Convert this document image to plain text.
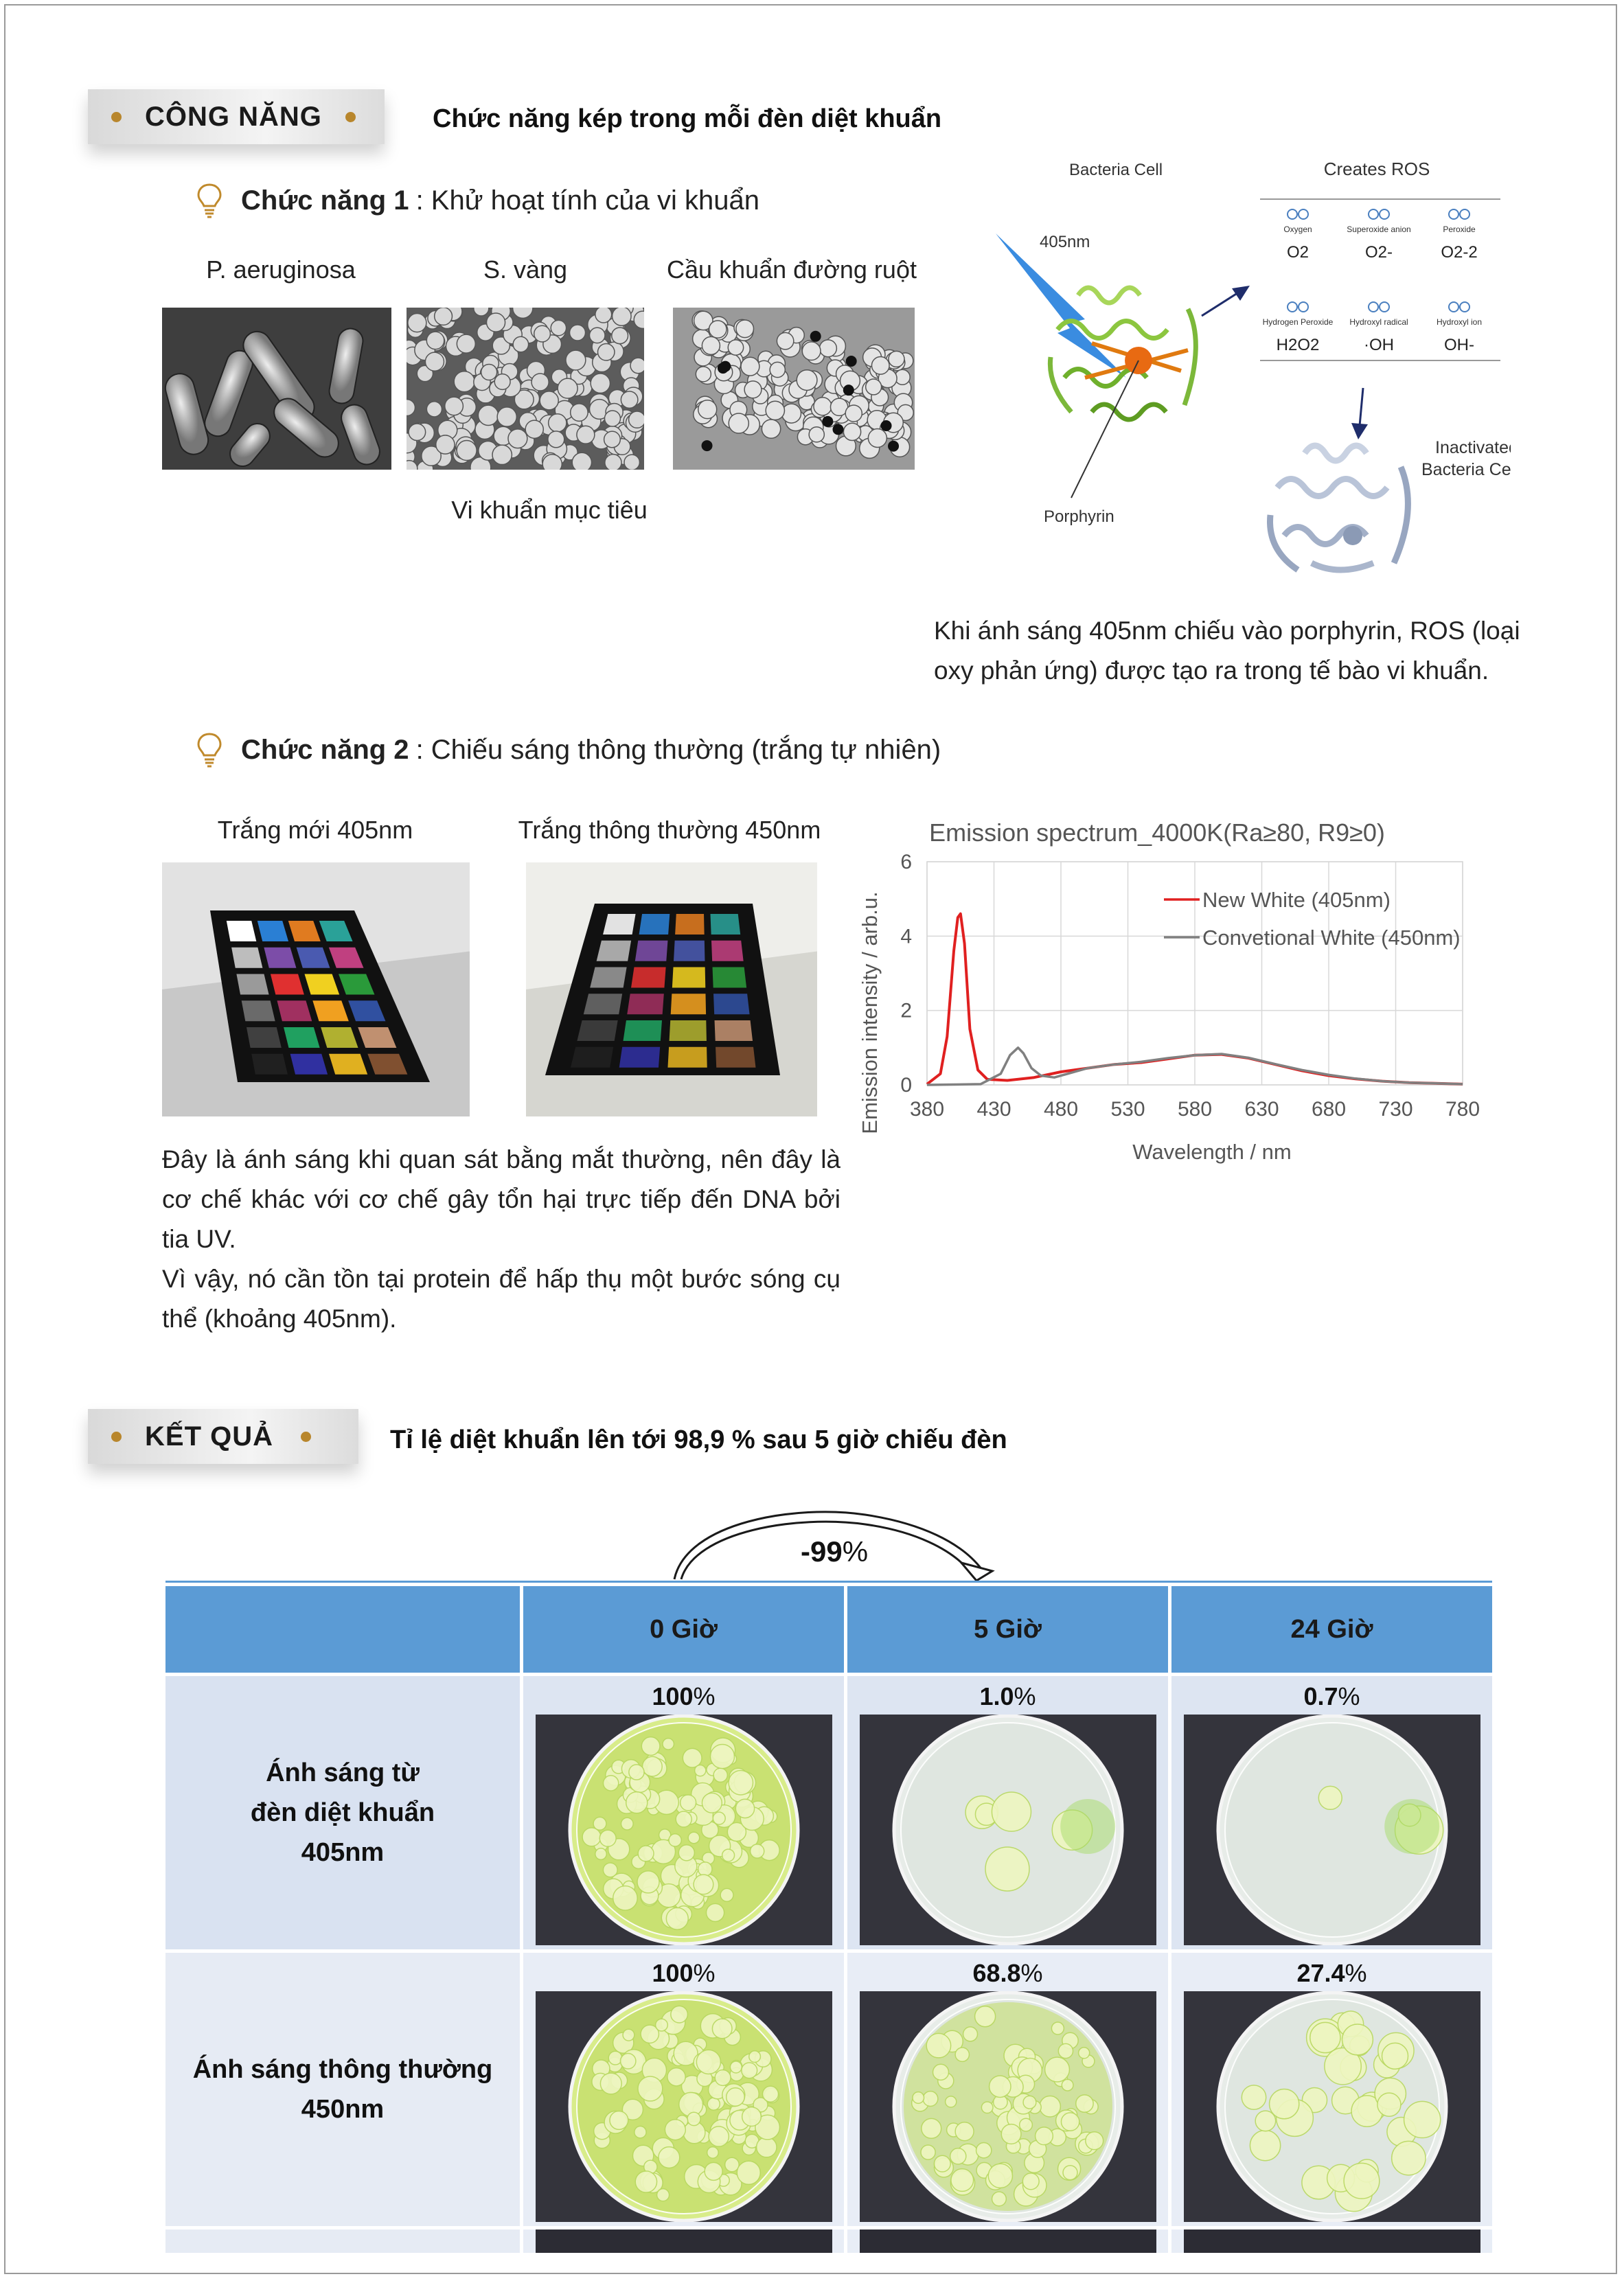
CÔNG NĂNG	Chức năng kép trong mỗi đèn diệt khuẩn
Chức năng 1 : Khử hoạt tính của vi khuẩn
P. aeruginosa	S. vàng	Cầu khuẩn đường ruột
Vi khuẩn mục tiêu
Bacteria Cell	Creates ROS
405nm
Porphyrin
Oxygen
O2
Superoxide anion
O2-
Peroxide
O2-2
Hydrogen Peroxide
H2O2
Hydroxyl radical
·OH
Hydroxyl ion
OH-
Inactivated
Bacteria Cell
Khi ánh sáng 405nm chiếu vào porphyrin, ROS (loại
oxy phản ứng) được tạo ra trong tế bào vi khuẩn.
Chức năng 2 : Chiếu sáng thông thường (trắng tự nhiên)
Trắng mới 405nm	Trắng thông thường 450nm	Emission spectrum_4000K(Ra≥80, R9≥0)
Emission intensity / arb.u.
Wavelength / nm
380 430 480 530 580 630 680 730 780
0
2
4
6
New White (405nm)
Convetional White (450nm)
Đây là ánh sáng khi quan sát bằng mắt thường, nên đây là cơ chế khác với cơ chế gây tổn hại trực tiếp đến DNA bởi tia UV.
Vì vậy, nó cần tồn tại protein để hấp thụ một bước sóng cụ thể (khoảng 405nm).
KẾT QUẢ	Tỉ lệ diệt khuẩn lên tới 98,9 % sau 5 giờ chiếu đèn
-99%
	0 Giờ	5 Giờ	24 Giờ

Ánh sáng từ
đèn diệt khuẩn
405nm	100%	1.0%	0.7%

Ánh sáng thông thường
450nm	100%	68.8%	27.4%
